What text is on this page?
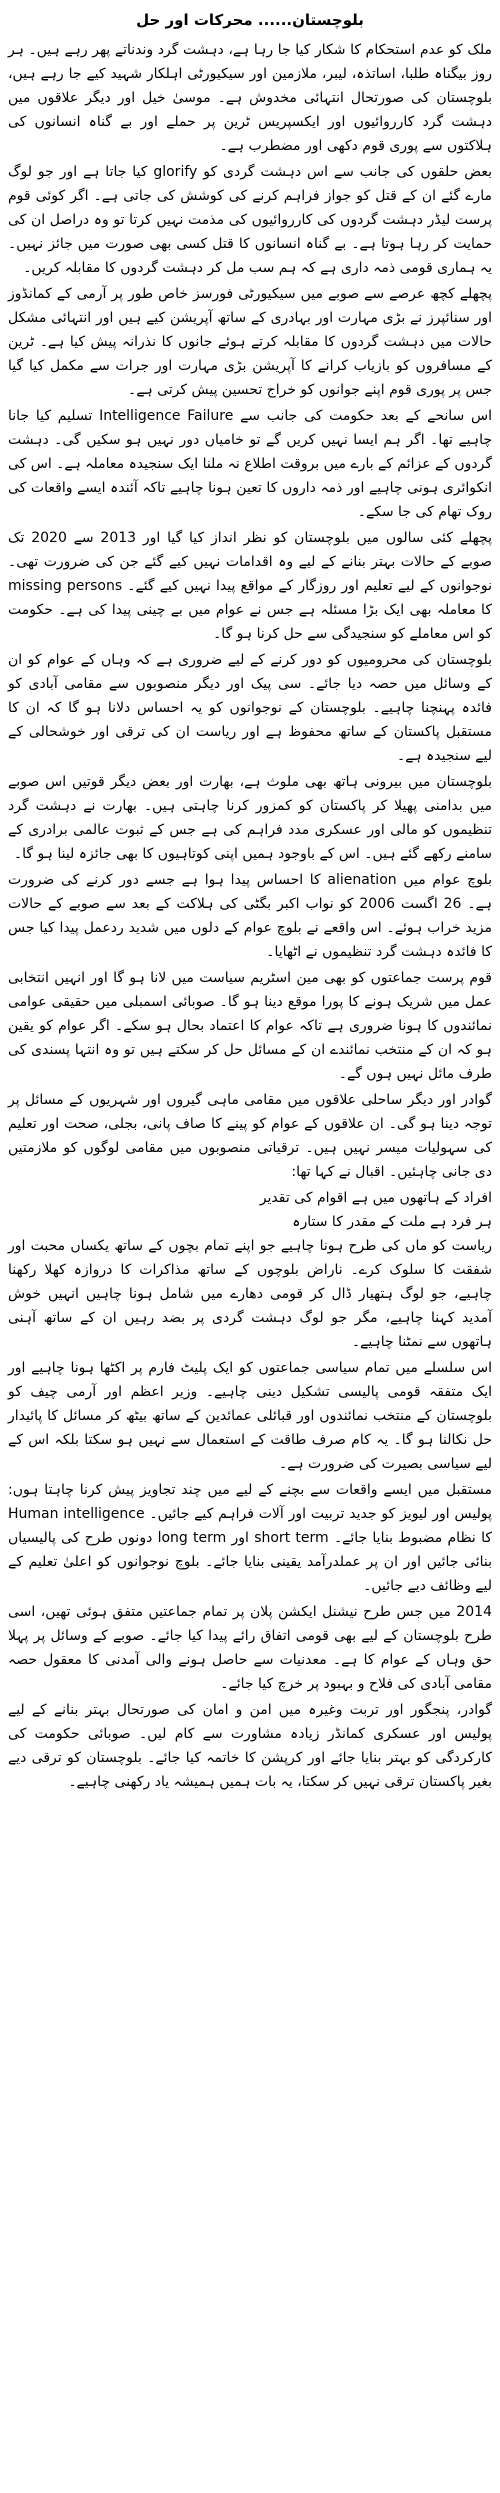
بلوچستان...... محرکات اور حل

ملک کو عدم استحکام کا شکار کیا جا رہا ہے، دہشت گرد وندناتے پھر رہے ہیں۔ ہر روز بیگناہ طلبا، اساتذہ، لیبر، ملازمین اور سیکیورٹی اہلکار شہید کیے جا رہے ہیں، بلوچستان کی صورتحال انتہائی مخدوش ہے۔ موسیٰ خیل اور دیگر علاقوں میں دہشت گرد کارروائیوں اور ایکسپریس ٹرین پر حملے اور بے گناہ انسانوں کی ہلاکتوں سے پوری قوم دکھی اور مضطرب ہے۔

بعض حلقوں کی جانب سے اس دہشت گردی کو glorify کیا جاتا ہے اور جو لوگ مارے گئے ان کے قتل کو جواز فراہم کرنے کی کوشش کی جاتی ہے۔ اگر کوئی قوم پرست لیڈر دہشت گردوں کی کارروائیوں کی مذمت نہیں کرتا تو وہ دراصل ان کی حمایت کر رہا ہوتا ہے۔ بے گناہ انسانوں کا قتل کسی بھی صورت میں جائز نہیں۔ یہ ہماری قومی ذمہ داری ہے کہ ہم سب مل کر دہشت گردوں کا مقابلہ کریں۔

پچھلے کچھ عرصے سے صوبے میں سیکیورٹی فورسز خاص طور پر آرمی کے کمانڈوز اور سنائپرز نے بڑی مہارت اور بہادری کے ساتھ آپریشن کیے ہیں اور انتہائی مشکل حالات میں دہشت گردوں کا مقابلہ کرتے ہوئے جانوں کا نذرانہ پیش کیا ہے۔ ٹرین کے مسافروں کو بازیاب کرانے کا آپریشن بڑی مہارت اور جرات سے مکمل کیا گیا جس پر پوری قوم اپنے جوانوں کو خراج تحسین پیش کرتی ہے۔

اس سانحے کے بعد حکومت کی جانب سے Intelligence Failure تسلیم کیا جانا چاہیے تھا۔ اگر ہم ایسا نہیں کریں گے تو خامیاں دور نہیں ہو سکیں گی۔ دہشت گردوں کے عزائم کے بارے میں بروقت اطلاع نہ ملنا ایک سنجیدہ معاملہ ہے۔ اس کی انکوائری ہونی چاہیے اور ذمہ داروں کا تعین ہونا چاہیے تاکہ آئندہ ایسے واقعات کی روک تھام کی جا سکے۔

پچھلے کئی سالوں میں بلوچستان کو نظر انداز کیا گیا اور 2013 سے 2020 تک صوبے کے حالات بہتر بنانے کے لیے وہ اقدامات نہیں کیے گئے جن کی ضرورت تھی۔ نوجوانوں کے لیے تعلیم اور روزگار کے مواقع پیدا نہیں کیے گئے۔ missing persons کا معاملہ بھی ایک بڑا مسئلہ ہے جس نے عوام میں بے چینی پیدا کی ہے۔ حکومت کو اس معاملے کو سنجیدگی سے حل کرنا ہو گا۔

بلوچستان کی محرومیوں کو دور کرنے کے لیے ضروری ہے کہ وہاں کے عوام کو ان کے وسائل میں حصہ دیا جائے۔ سی پیک اور دیگر منصوبوں سے مقامی آبادی کو فائدہ پہنچنا چاہیے۔ بلوچستان کے نوجوانوں کو یہ احساس دلانا ہو گا کہ ان کا مستقبل پاکستان کے ساتھ محفوظ ہے اور ریاست ان کی ترقی اور خوشحالی کے لیے سنجیدہ ہے۔

بلوچستان میں بیرونی ہاتھ بھی ملوث ہے، بھارت اور بعض دیگر قوتیں اس صوبے میں بدامنی پھیلا کر پاکستان کو کمزور کرنا چاہتی ہیں۔ بھارت نے دہشت گرد تنظیموں کو مالی اور عسکری مدد فراہم کی ہے جس کے ثبوت عالمی برادری کے سامنے رکھے گئے ہیں۔ اس کے باوجود ہمیں اپنی کوتاہیوں کا بھی جائزہ لینا ہو گا۔

بلوچ عوام میں alienation کا احساس پیدا ہوا ہے جسے دور کرنے کی ضرورت ہے۔ 26 اگست 2006 کو نواب اکبر بگٹی کی ہلاکت کے بعد سے صوبے کے حالات مزید خراب ہوئے۔ اس واقعے نے بلوچ عوام کے دلوں میں شدید ردعمل پیدا کیا جس کا فائدہ دہشت گرد تنظیموں نے اٹھایا۔

قوم پرست جماعتوں کو بھی مین اسٹریم سیاست میں لانا ہو گا اور انہیں انتخابی عمل میں شریک ہونے کا پورا موقع دینا ہو گا۔ صوبائی اسمبلی میں حقیقی عوامی نمائندوں کا ہونا ضروری ہے تاکہ عوام کا اعتماد بحال ہو سکے۔ اگر عوام کو یقین ہو کہ ان کے منتخب نمائندے ان کے مسائل حل کر سکتے ہیں تو وہ انتہا پسندی کی طرف مائل نہیں ہوں گے۔

گوادر اور دیگر ساحلی علاقوں میں مقامی ماہی گیروں اور شہریوں کے مسائل پر توجہ دینا ہو گی۔ ان علاقوں کے عوام کو پینے کا صاف پانی، بجلی، صحت اور تعلیم کی سہولیات میسر نہیں ہیں۔ ترقیاتی منصوبوں میں مقامی لوگوں کو ملازمتیں دی جانی چاہئیں۔ اقبال نے کہا تھا:

افراد کے ہاتھوں میں ہے اقوام کی تقدیر

ہر فرد ہے ملت کے مقدر کا ستارہ

ریاست کو ماں کی طرح ہونا چاہیے جو اپنے تمام بچوں کے ساتھ یکساں محبت اور شفقت کا سلوک کرے۔ ناراض بلوچوں کے ساتھ مذاکرات کا دروازہ کھلا رکھنا چاہیے، جو لوگ ہتھیار ڈال کر قومی دھارے میں شامل ہونا چاہیں انہیں خوش آمدید کہنا چاہیے، مگر جو لوگ دہشت گردی پر بضد رہیں ان کے ساتھ آہنی ہاتھوں سے نمٹنا چاہیے۔

اس سلسلے میں تمام سیاسی جماعتوں کو ایک پلیٹ فارم پر اکٹھا ہونا چاہیے اور ایک متفقہ قومی پالیسی تشکیل دینی چاہیے۔ وزیر اعظم اور آرمی چیف کو بلوچستان کے منتخب نمائندوں اور قبائلی عمائدین کے ساتھ بیٹھ کر مسائل کا پائیدار حل نکالنا ہو گا۔ یہ کام صرف طاقت کے استعمال سے نہیں ہو سکتا بلکہ اس کے لیے سیاسی بصیرت کی ضرورت ہے۔

مستقبل میں ایسے واقعات سے بچنے کے لیے میں چند تجاویز پیش کرنا چاہتا ہوں: پولیس اور لیویز کو جدید تربیت اور آلات فراہم کیے جائیں۔ Human intelligence کا نظام مضبوط بنایا جائے۔ short term اور long term دونوں طرح کی پالیسیاں بنائی جائیں اور ان پر عملدرآمد یقینی بنایا جائے۔ بلوچ نوجوانوں کو اعلیٰ تعلیم کے لیے وظائف دیے جائیں۔

2014 میں جس طرح نیشنل ایکشن پلان پر تمام جماعتیں متفق ہوئی تھیں، اسی طرح بلوچستان کے لیے بھی قومی اتفاق رائے پیدا کیا جائے۔ صوبے کے وسائل پر پہلا حق وہاں کے عوام کا ہے۔ معدنیات سے حاصل ہونے والی آمدنی کا معقول حصہ مقامی آبادی کی فلاح و بہبود پر خرچ کیا جائے۔

گوادر، پنجگور اور تربت وغیرہ میں امن و امان کی صورتحال بہتر بنانے کے لیے پولیس اور عسکری کمانڈر زیادہ مشاورت سے کام لیں۔ صوبائی حکومت کی کارکردگی کو بہتر بنایا جائے اور کرپشن کا خاتمہ کیا جائے۔ بلوچستان کو ترقی دیے بغیر پاکستان ترقی نہیں کر سکتا، یہ بات ہمیں ہمیشہ یاد رکھنی چاہیے۔
